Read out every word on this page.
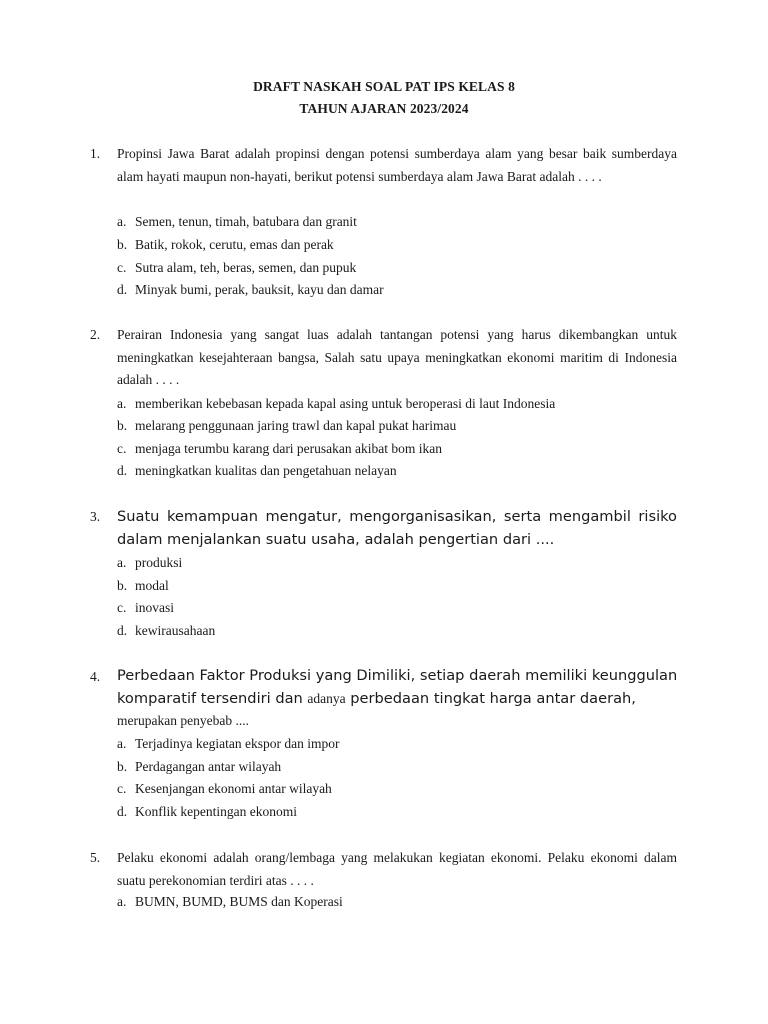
DRAFT NASKAH SOAL PAT IPS KELAS 8
TAHUN AJARAN 2023/2024
1. Propinsi Jawa Barat adalah propinsi dengan potensi sumberdaya alam yang besar baik sumberdaya alam hayati maupun non-hayati, berikut potensi sumberdaya alam Jawa Barat adalah . . . .
a. Semen, tenun, timah, batubara dan granit
b. Batik, rokok, cerutu, emas dan perak
c. Sutra alam, teh, beras, semen, dan pupuk
d. Minyak bumi, perak, bauksit, kayu dan damar
2. Perairan Indonesia yang sangat luas adalah tantangan potensi yang harus dikembangkan untuk meningkatkan kesejahteraan bangsa, Salah satu upaya meningkatkan ekonomi maritim di Indonesia adalah . . . .
a. memberikan kebebasan kepada kapal asing untuk beroperasi di laut Indonesia
b. melarang penggunaan jaring trawl dan kapal pukat harimau
c. menjaga terumbu karang dari perusakan akibat bom ikan
d. meningkatkan kualitas dan pengetahuan nelayan
3. Suatu kemampuan mengatur, mengorganisasikan, serta mengambil risiko dalam menjalankan suatu usaha, adalah pengertian dari ....
a. produksi
b. modal
c. inovasi
d. kewirausahaan
4. Perbedaan Faktor Produksi yang Dimiliki, setiap daerah memiliki keunggulan
komparatif tersendiri dan adanya perbedaan tingkat harga antar daerah,
merupakan penyebab ....
a. Terjadinya kegiatan ekspor dan impor
b. Perdagangan antar wilayah
c. Kesenjangan ekonomi antar wilayah
d. Konflik kepentingan ekonomi
5. Pelaku ekonomi adalah orang/lembaga yang melakukan kegiatan ekonomi. Pelaku ekonomi dalam suatu perekonomian terdiri atas . . . .
a. BUMN, BUMD, BUMS dan Koperasi
